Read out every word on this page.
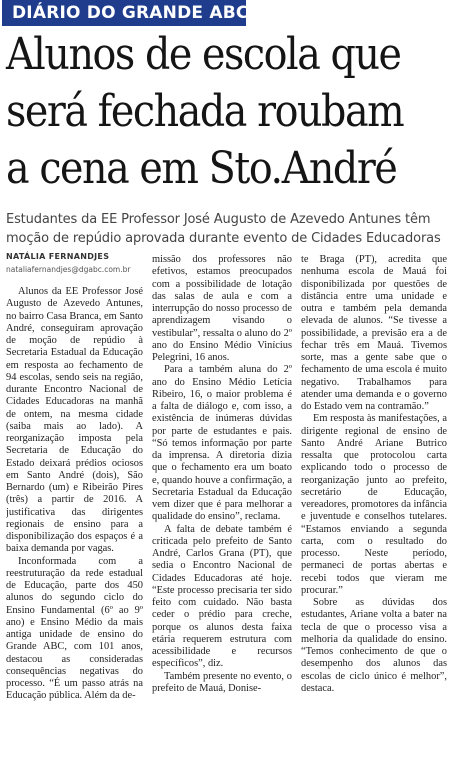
DIÁRIO DO GRANDE ABC
Alunos de escola que
será fechada roubam
a cena em Sto.André

Estudantes da EE Professor José Augusto de Azevedo Antunes têm
moção de repúdio aprovada durante evento de Cidades Educadoras

NATÁLIA FERNANDJES
nataliafernandjes@dgabc.com.br

Alunos da EE Professor José Augusto de Azevedo Antunes, no bairro Casa Branca, em Santo André, conseguiram aprovação de moção de repúdio à Secretaria Estadual da Educação em resposta ao fechamento de 94 escolas, sendo seis na região, durante Encontro Nacional de Cidades Educadoras na manhã de ontem, na mesma cidade (saiba mais ao lado). A reorganização imposta pela Secretaria de Educação do Estado deixará prédios ociosos em Santo André (dois), São Bernardo (um) e Ribeirão Pires (três) a partir de 2016. A justificativa das dirigentes regionais de ensino para a disponibilização dos espaços é a baixa demanda por vagas.

Inconformada com a reestruturação da rede estadual de Educação, parte dos 450 alunos do segundo ciclo do Ensino Fundamental (6º ao 9º ano) e Ensino Médio da mais antiga unidade de ensino do Grande ABC, com 101 anos, destacou as consideradas consequências negativas do processo. “É um passo atrás na Educação pública. Além da de-

missão dos professores não efetivos, estamos preocupados com a possibilidade de lotação das salas de aula e com a interrupção do nosso processo de aprendizagem visando o vestibular”, ressalta o aluno do 2º ano do Ensino Médio Vinícius Pelegrini, 16 anos.

Para a também aluna do 2º ano do Ensino Médio Letícia Ribeiro, 16, o maior problema é a falta de diálogo e, com isso, a existência de inúmeras dúvidas por parte de estudantes e pais. “Só temos informação por parte da imprensa. A diretoria dizia que o fechamento era um boato e, quando houve a confirmação, a Secretaria Estadual da Educação vem dizer que é para melhorar a qualidade do ensino”, reclama.

A falta de debate também é criticada pelo prefeito de Santo André, Carlos Grana (PT), que sedia o Encontro Nacional de Cidades Educadoras até hoje. “Este processo precisaria ter sido feito com cuidado. Não basta ceder o prédio para creche, porque os alunos desta faixa etária requerem estrutura com acessibilidade e recursos específicos”, diz.

Também presente no evento, o prefeito de Mauá, Donise-

te Braga (PT), acredita que nenhuma escola de Mauá foi disponibilizada por questões de distância entre uma unidade e outra e também pela demanda elevada de alunos. “Se tivesse a possibilidade, a previsão era a de fechar três em Mauá. Tivemos sorte, mas a gente sabe que o fechamento de uma escola é muito negativo. Trabalhamos para atender uma demanda e o governo do Estado vem na contramão.”

Em resposta às manifestações, a dirigente regional de ensino de Santo André Ariane Butrico ressalta que protocolou carta explicando todo o processo de reorganização junto ao prefeito, secretário de Educação, vereadores, promotores da infância e juventude e conselhos tutelares. “Estamos enviando a segunda carta, com o resultado do processo. Neste período, permaneci de portas abertas e recebi todos que vieram me procurar.”

Sobre as dúvidas dos estudantes, Ariane volta a bater na tecla de que o processo visa a melhoria da qualidade do ensino. “Temos conhecimento de que o desempenho dos alunos das escolas de ciclo único é melhor”, destaca.
